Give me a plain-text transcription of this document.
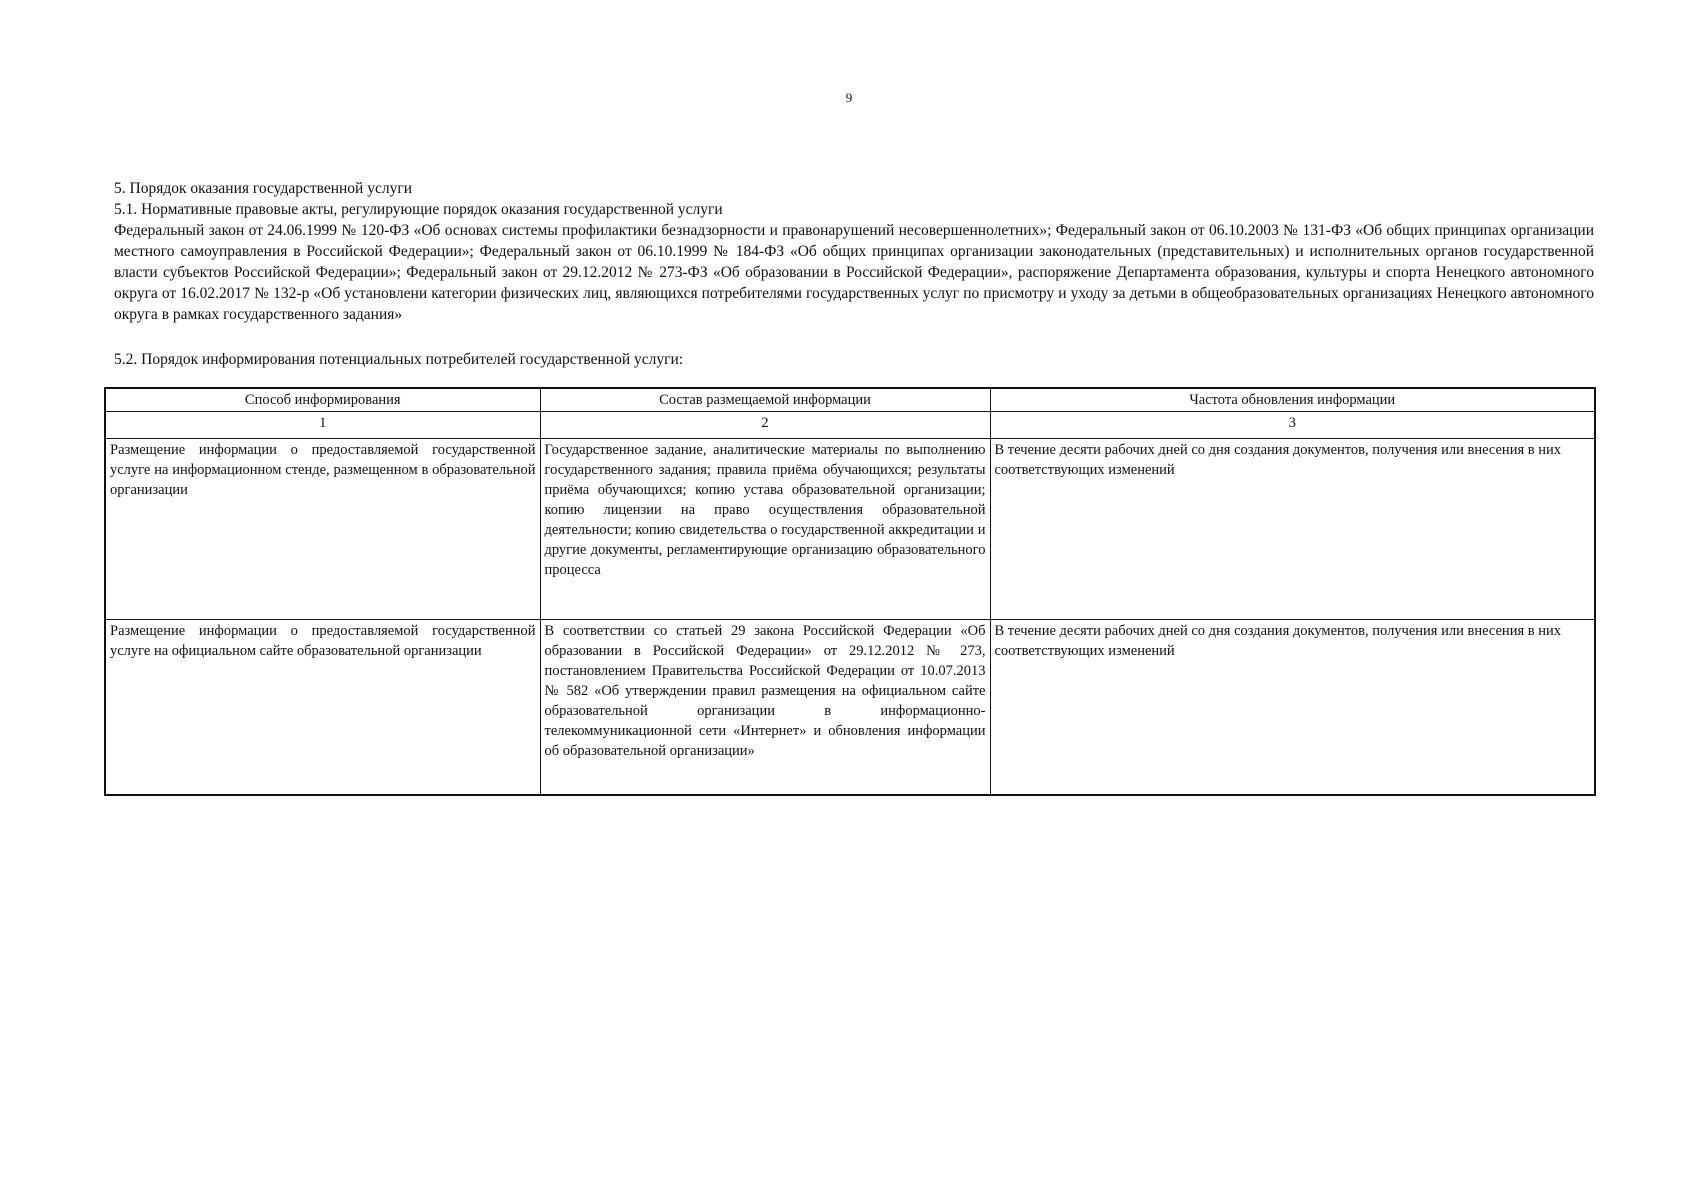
9

5. Порядок оказания государственной услуги

5.1. Нормативные правовые акты, регулирующие порядок оказания государственной услуги

Федеральный закон от 24.06.1999 № 120-ФЗ «Об основах системы профилактики безнадзорности и правонарушений несовершеннолетних»; Федеральный закон от 06.10.2003 № 131-ФЗ «Об общих принципах организации местного самоуправления в Российской Федерации»; Федеральный закон от 06.10.1999 № 184-ФЗ «Об общих принципах организации законодательных (представительных) и исполнительных органов государственной власти субъектов Российской Федерации»; Федеральный закон от 29.12.2012 № 273-ФЗ «Об образовании в Российской Федерации», распоряжение Департамента образования, культуры и спорта Ненецкого автономного округа от 16.02.2017 № 132-р «Об установлени категории физических лиц, являющихся потребителями государственных услуг по присмотру и уходу за детьми в общеобразовательных организациях Ненецкого автономного округа в рамках государственного задания»

5.2. Порядок информирования потенциальных потребителей государственной услуги:

Способ информирования	Состав размещаемой информации	Частота обновления информации
1	2	3
Размещение информации о предоставляемой государственной услуге на информационном стенде, размещенном в образовательной организации	Государственное задание, аналитические материалы по выполнению государственного задания; правила приёма обучающихся; результаты приёма обучающихся; копию устава образовательной организации; копию лицензии на право осуществления образовательной деятельности; копию свидетельства о государственной аккредитации и другие документы, регламентирующие организацию образовательного процесса	В течение десяти рабочих дней со дня создания документов, получения или внесения в них соответствующих изменений
Размещение информации о предоставляемой государственной услуге на официальном сайте образовательной организации	В соответствии со статьей 29 закона Российской Федерации «Об образовании в Российской Федерации» от 29.12.2012 № 273, постановлением Правительства Российской Федерации от 10.07.2013 № 582 «Об утверждении правил размещения на официальном сайте образовательной организации в информационно-телекоммуникационной сети «Интернет» и обновления информации об образовательной организации»	В течение десяти рабочих дней со дня создания документов, получения или внесения в них соответствующих изменений
